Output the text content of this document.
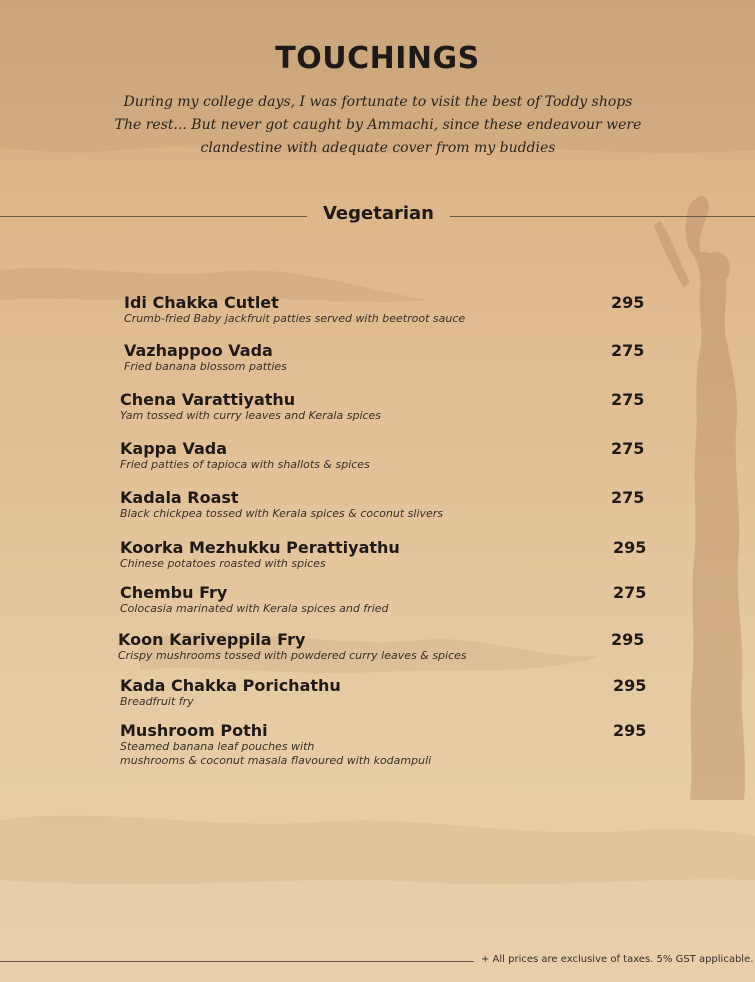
TOUCHINGS
During my college days, I was fortunate to visit the best of Toddy shops
The rest... But never got caught by Ammachi, since these endeavour were
clandestine with adequate cover from my buddies
Vegetarian
Idi Chakka Cutlet
Crumb-fried Baby jackfruit patties served with beetroot sauce
295
Vazhappoo Vada
Fried banana blossom patties
275
Chena Varattiyathu
Yam tossed with curry leaves and Kerala spices
275
Kappa Vada
Fried patties of tapioca with shallots & spices
275
Kadala Roast
Black chickpea tossed with Kerala spices & coconut slivers
275
Koorka Mezhukku Perattiyathu
Chinese potatoes roasted with spices
295
Chembu Fry
Colocasia marinated with Kerala spices and fried
275
Koon Kariveppila Fry
Crispy mushrooms tossed with powdered curry leaves & spices
295
Kada Chakka Porichathu
Breadfruit fry
295
Mushroom Pothi
Steamed banana leaf pouches with
mushrooms & coconut masala flavoured with kodampuli
295
+ All prices are exclusive of taxes. 5% GST applicable.
